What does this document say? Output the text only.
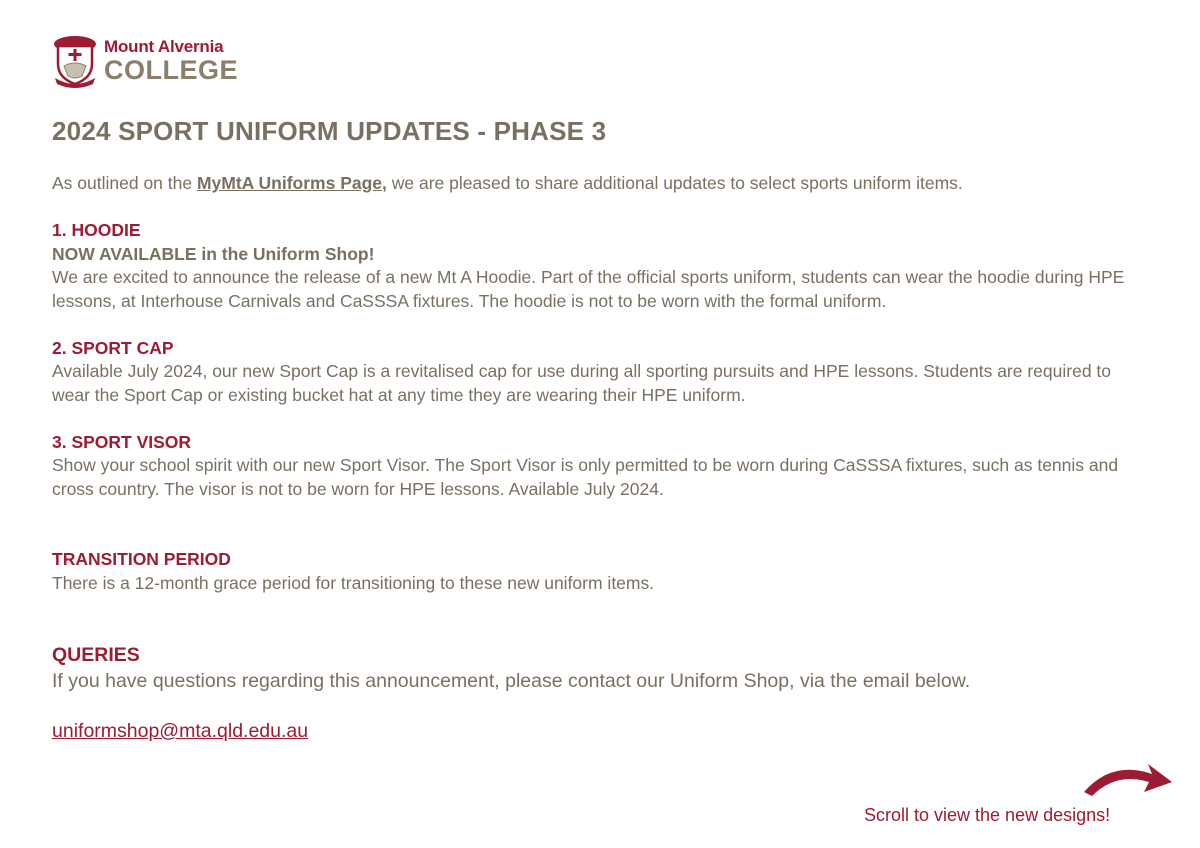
Mount Alvernia
COLLEGE
2024 SPORT UNIFORM UPDATES - PHASE 3

As outlined on the MyMtA Uniforms Page, we are pleased to share additional updates to select sports uniform items.

1. HOODIE

NOW AVAILABLE in the Uniform Shop!

We are excited to announce the release of a new Mt A Hoodie. Part of the official sports uniform, students can wear the hoodie during HPE lessons, at Interhouse Carnivals and CaSSSA fixtures. The hoodie is not to be worn with the formal uniform.

2. SPORT CAP

Available July 2024, our new Sport Cap is a revitalised cap for use during all sporting pursuits and HPE lessons. Students are required to wear the Sport Cap or existing bucket hat at any time they are wearing their HPE uniform.

3. SPORT VISOR

Show your school spirit with our new Sport Visor. The Sport Visor is only permitted to be worn during CaSSSA fixtures, such as tennis and cross country. The visor is not to be worn for HPE lessons. Available July 2024.

TRANSITION PERIOD

There is a 12-month grace period for transitioning to these new uniform items.

QUERIES

If you have questions regarding this announcement, please contact our Uniform Shop, via the email below.

uniformshop@mta.qld.edu.au
Scroll to view the new designs!
